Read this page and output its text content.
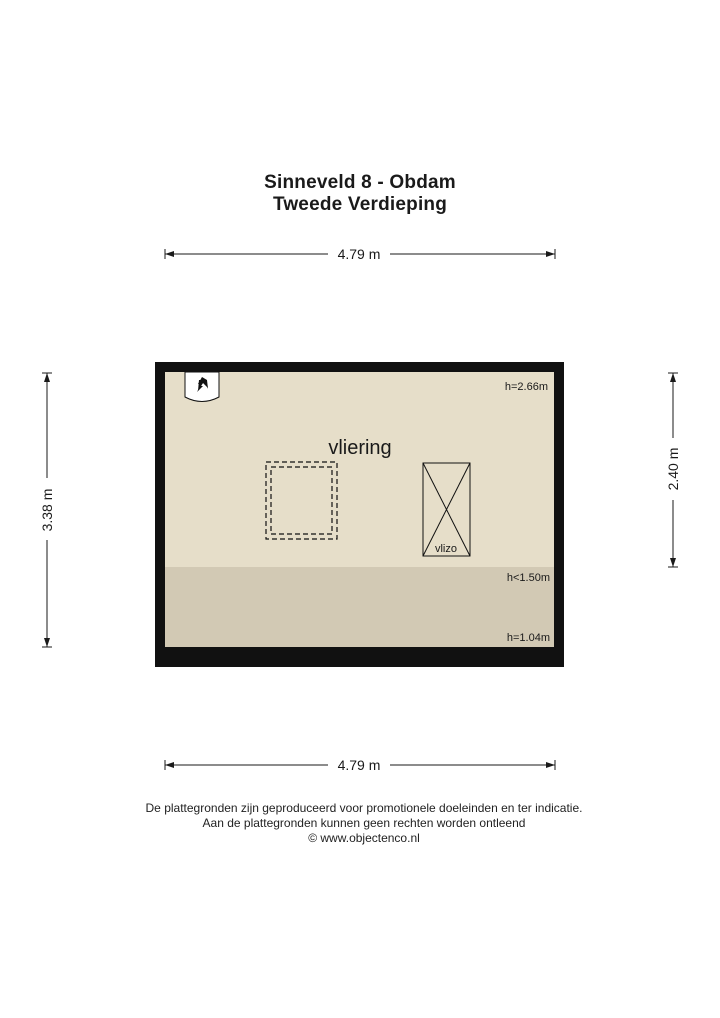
Sinneveld 8 - Obdam
Tweede Verdieping
4.79 m
4.79 m
3.38 m
2.40 m
vlizo
vliering
h=2.66m
h<1.50m
h=1.04m
De plattegronden zijn geproduceerd voor promotionele doeleinden en ter indicatie.
Aan de plattegronden kunnen geen rechten worden ontleend
© www.objectenco.nl
